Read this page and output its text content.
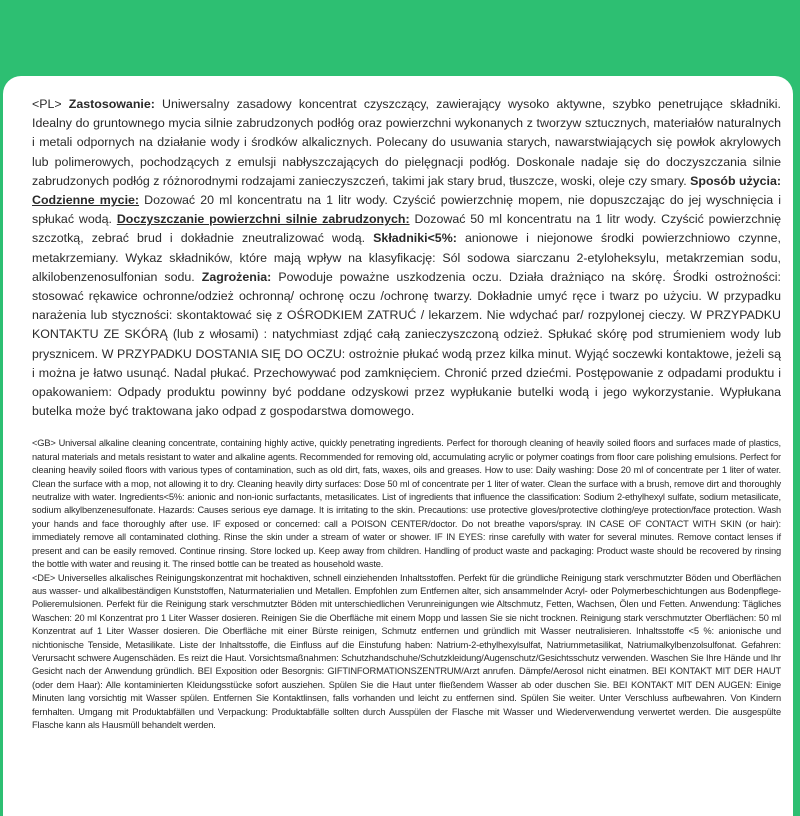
<PL> Zastosowanie: Uniwersalny zasadowy koncentrat czyszczący, zawierający wysoko aktywne, szybko penetrujące składniki. Idealny do gruntownego mycia silnie zabrudzonych podłóg oraz powierzchni wykonanych z tworzyw sztucznych, materiałów naturalnych i metali odpornych na działanie wody i środków alkalicznych. Polecany do usuwania starych, nawarstwiających się powłok akrylowych lub polimerowych, pochodzących z emulsji nabłyszczających do pielęgnacji podłóg. Doskonale nadaje się do doczyszczania silnie zabrudzonych podłóg z różnorodnymi rodzajami zanieczyszczeń, takimi jak stary brud, tłuszcze, woski, oleje czy smary. Sposób użycia: Codzienne mycie: Dozować 20 ml koncentratu na 1 litr wody. Czyścić powierzchnię mopem, nie dopuszczając do jej wyschnięcia i spłukać wodą. Doczyszczanie powierzchni silnie zabrudzonych: Dozować 50 ml koncentratu na 1 litr wody. Czyścić powierzchnię szczotką, zebrać brud i dokładnie zneutralizować wodą. Składniki<5%: anionowe i niejonowe środki powierzchniowo czynne, metakrzemiany. Wykaz składników, które mają wpływ na klasyfikację: Sól sodowa siarczanu 2-etyloheksylu, metakrzemian sodu, alkilobenzenosulfonian sodu. Zagrożenia: Powoduje poważne uszkodzenia oczu. Działa drażniąco na skórę. Środki ostrożności: stosować rękawice ochronne/odzież ochronną/ ochronę oczu /ochronę twarzy. Dokładnie umyć ręce i twarz po użyciu. W przypadku narażenia lub styczności: skontaktować się z OŚRODKIEM ZATRUĆ / lekarzem. Nie wdychać par/ rozpylonej cieczy. W PRZYPADKU KONTAKTU ZE SKÓRĄ (lub z włosami) : natychmiast zdjąć całą zanieczyszczoną odzież. Spłukać skórę pod strumieniem wody lub prysznicem. W PRZYPADKU DOSTANIA SIĘ DO OCZU: ostrożnie płukać wodą przez kilka minut. Wyjąć soczewki kontaktowe, jeżeli są i można je łatwo usunąć. Nadal płukać. Przechowywać pod zamknięciem. Chronić przed dziećmi. Postępowanie z odpadami produktu i opakowaniem: Odpady produktu powinny być poddane odzyskowi przez wypłukanie butelki wodą i jego wykorzystanie. Wypłukana butelka może być traktowana jako odpad z gospodarstwa domowego.

<GB> Universal alkaline cleaning concentrate, containing highly active, quickly penetrating ingredients. Perfect for thorough cleaning of heavily soiled floors and surfaces made of plastics, natural materials and metals resistant to water and alkaline agents. Recommended for removing old, accumulating acrylic or polymer coatings from floor care polishing emulsions. Perfect for cleaning heavily soiled floors with various types of contamination, such as old dirt, fats, waxes, oils and greases. How to use: Daily washing: Dose 20 ml of concentrate per 1 liter of water. Clean the surface with a mop, not allowing it to dry. Cleaning heavily dirty surfaces: Dose 50 ml of concentrate per 1 liter of water. Clean the surface with a brush, remove dirt and thoroughly neutralize with water. Ingredients<5%: anionic and non-ionic surfactants, metasilicates. List of ingredients that influence the classification: Sodium 2-ethylhexyl sulfate, sodium metasilicate, sodium alkylbenzenesulfonate. Hazards: Causes serious eye damage. It is irritating to the skin. Precautions: use protective gloves/protective clothing/eye protection/face protection. Wash your hands and face thoroughly after use. IF exposed or concerned: call a POISON CENTER/doctor. Do not breathe vapors/spray. IN CASE OF CONTACT WITH SKIN (or hair): immediately remove all contaminated clothing. Rinse the skin under a stream of water or shower. IF IN EYES: rinse carefully with water for several minutes. Remove contact lenses if present and can be easily removed. Continue rinsing. Store locked up. Keep away from children. Handling of product waste and packaging: Product waste should be recovered by rinsing the bottle with water and reusing it. The rinsed bottle can be treated as household waste.

<DE> Universelles alkalisches Reinigungskonzentrat mit hochaktiven, schnell einziehenden Inhaltsstoffen. Perfekt für die gründliche Reinigung stark verschmutzter Böden und Oberflächen aus wasser- und alkalibeständigen Kunststoffen, Naturmaterialien und Metallen. Empfohlen zum Entfernen alter, sich ansammelnder Acryl- oder Polymerbeschichtungen aus Bodenpflege-Polieremulsionen. Perfekt für die Reinigung stark verschmutzter Böden mit unterschiedlichen Verunreinigungen wie Altschmutz, Fetten, Wachsen, Ölen und Fetten. Anwendung: Tägliches Waschen: 20 ml Konzentrat pro 1 Liter Wasser dosieren. Reinigen Sie die Oberfläche mit einem Mopp und lassen Sie sie nicht trocknen. Reinigung stark verschmutzter Oberflächen: 50 ml Konzentrat auf 1 Liter Wasser dosieren. Die Oberfläche mit einer Bürste reinigen, Schmutz entfernen und gründlich mit Wasser neutralisieren. Inhaltsstoffe <5 %: anionische und nichtionische Tenside, Metasilikate. Liste der Inhaltsstoffe, die Einfluss auf die Einstufung haben: Natrium-2-ethylhexylsulfat, Natriummetasilikat, Natriumalkylbenzolsulfonat. Gefahren: Verursacht schwere Augenschäden. Es reizt die Haut. Vorsichtsmaßnahmen: Schutzhandschuhe/Schutzkleidung/Augenschutz/Gesichtsschutz verwenden. Waschen Sie Ihre Hände und Ihr Gesicht nach der Anwendung gründlich. BEI Exposition oder Besorgnis: GIFTINFORMATIONSZENTRUM/Arzt anrufen. Dämpfe/Aerosol nicht einatmen. BEI KONTAKT MIT DER HAUT (oder dem Haar): Alle kontaminierten Kleidungsstücke sofort ausziehen. Spülen Sie die Haut unter fließendem Wasser ab oder duschen Sie. BEI KONTAKT MIT DEN AUGEN: Einige Minuten lang vorsichtig mit Wasser spülen. Entfernen Sie Kontaktlinsen, falls vorhanden und leicht zu entfernen sind. Spülen Sie weiter. Unter Verschluss aufbewahren. Von Kindern fernhalten. Umgang mit Produktabfällen und Verpackung: Produktabfälle sollten durch Ausspülen der Flasche mit Wasser und Wiederverwendung verwertet werden. Die ausgespülte Flasche kann als Hausmüll behandelt werden.
